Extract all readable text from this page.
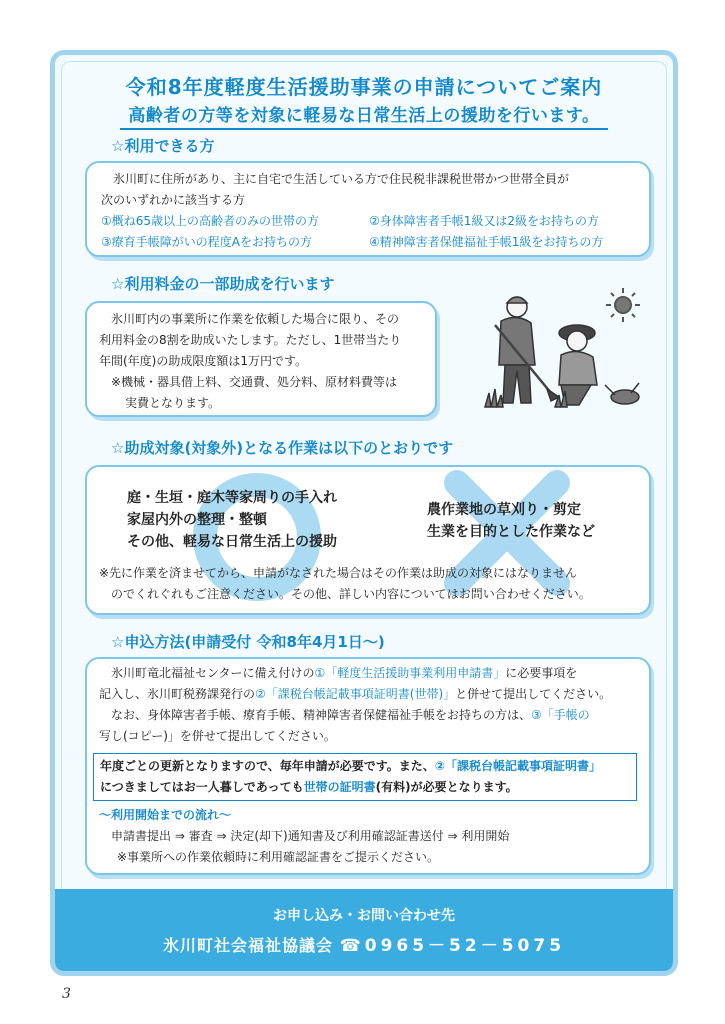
令和8年度軽度生活援助事業の申請についてご案内
高齢者の方等を対象に軽易な日常生活上の援助を行います。
☆利用できる方
氷川町に住所があり、主に自宅で生活している方で住民税非課税世帯かつ世帯全員が
次のいずれかに該当する方
①概ね65歳以上の高齢者のみの世帯の方	②身体障害者手帳1級又は2級をお持ちの方
③療育手帳障がいの程度Aをお持ちの方	④精神障害者保健福祉手帳1級をお持ちの方
☆利用料金の一部助成を行います
氷川町内の事業所に作業を依頼した場合に限り、その
利用料金の8割を助成いたします。ただし、1世帯当たり
年間(年度)の助成限度額は1万円です。
※機械・器具借上料、交通費、処分料、原材料費等は
実費となります。
☆助成対象(対象外)となる作業は以下のとおりです
庭・生垣・庭木等家周りの手入れ
家屋内外の整理・整頓
その他、軽易な日常生活上の援助
農作業地の草刈り・剪定
生業を目的とした作業など
※先に作業を済ませてから、申請がなされた場合はその作業は助成の対象にはなりません
のでくれぐれもご注意ください。その他、詳しい内容についてはお問い合わせください。
☆申込方法(申請受付 令和8年4月1日～)
氷川町竜北福祉センターに備え付けの①「軽度生活援助事業利用申請書」に必要事項を
記入し、氷川町税務課発行の②「課税台帳記載事項証明書(世帯)」と併せて提出してください。
なお、身体障害者手帳、療育手帳、精神障害者保健福祉手帳をお持ちの方は、③「手帳の
写し(コピー)」を併せて提出してください。
年度ごとの更新となりますので、毎年申請が必要です。また、②「課税台帳記載事項証明書」
につきましてはお一人暮しであっても世帯の証明書(有料)が必要となります。
～利用開始までの流れ～
申請書提出 ⇒ 審査 ⇒ 決定(却下)通知書及び利用確認証書送付 ⇒ 利用開始
※事業所への作業依頼時に利用確認証書をご提示ください。
お申し込み・お問い合わせ先
氷川町社会福祉協議会 ☎0965－52－5075
3
